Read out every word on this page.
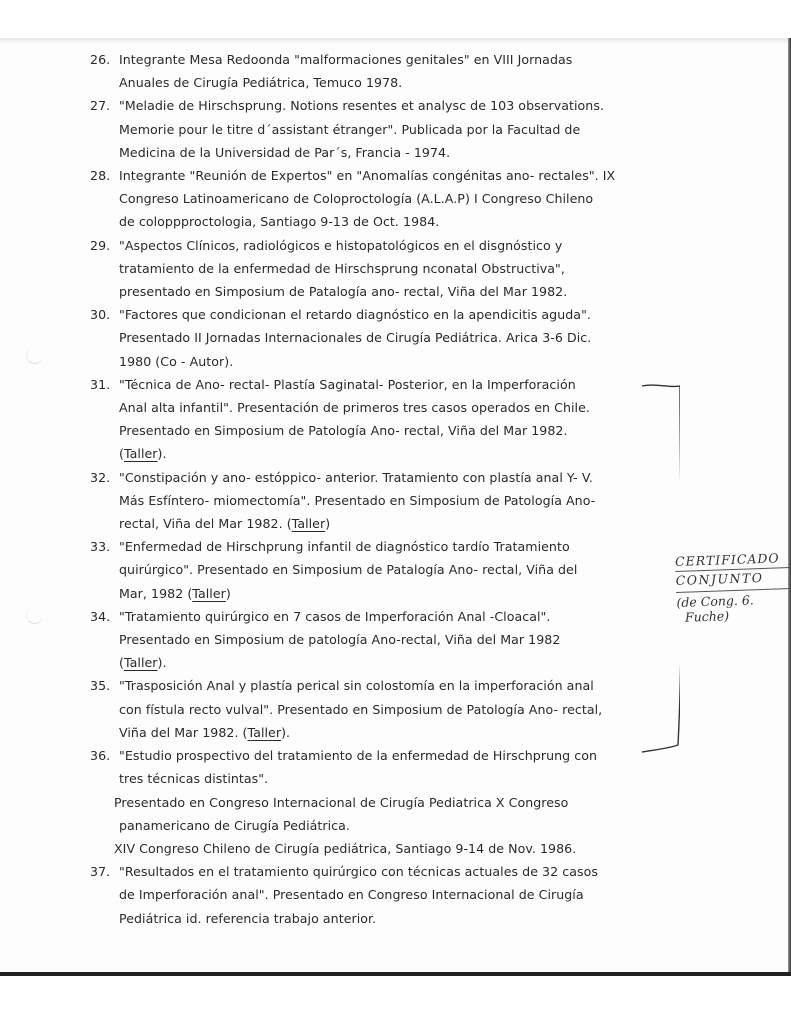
26. Integrante Mesa Redoonda "malformaciones genitales" en VIII Jornadas
Anuales de Cirugía Pediátrica, Temuco 1978.
27. "Meladie de Hirschsprung. Notions resentes et analysc de 103 observations.
Memorie pour le titre d´assistant étranger". Publicada por la Facultad de
Medicina de la Universidad de Par´s, Francia - 1974.
28. Integrante "Reunión de Expertos" en "Anomalías congénitas ano- rectales". IX
Congreso Latinoamericano de Coloproctología (A.L.A.P) I Congreso Chileno
de coloppproctologia, Santiago 9-13 de Oct. 1984.
29. "Aspectos Clínicos, radiológicos e histopatológicos en el disgnóstico y
tratamiento de la enfermedad de Hirschsprung nconatal Obstructiva",
presentado en Simposium de Patalogía ano- rectal, Viña del Mar 1982.
30. "Factores que condicionan el retardo diagnóstico en la apendicitis aguda".
Presentado II Jornadas Internacionales de Cirugía Pediátrica. Arica 3-6 Dic.
1980 (Co - Autor).
31. "Técnica de Ano- rectal- Plastía Saginatal- Posterior, en la Imperforación
Anal alta infantil". Presentación de primeros tres casos operados en Chile.
Presentado en Simposium de Patología Ano- rectal, Viña del Mar 1982.
(Taller).
32. "Constipación y ano- estóppico- anterior. Tratamiento con plastía anal Y- V.
Más Esfíntero- miomectomía". Presentado en Simposium de Patología Ano-
rectal, Viña del Mar 1982. (Taller)
33. "Enfermedad de Hirschprung infantil de diagnóstico tardío Tratamiento
quirúrgico". Presentado en Simposium de Patalogía Ano- rectal, Viña del
Mar, 1982 (Taller)
34. "Tratamiento quirúrgico en 7 casos de Imperforación Anal -Cloacal".
Presentado en Simposium de patología Ano-rectal, Viña del Mar 1982
(Taller).
35. "Trasposición Anal y plastía perical sin colostomía en la imperforación anal
con fístula recto vulval". Presentado en Simposium de Patología Ano- rectal,
Viña del Mar 1982. (Taller).
36. "Estudio prospectivo del tratamiento de la enfermedad de Hirschprung con
tres técnicas distintas".
Presentado en Congreso Internacional de Cirugía Pediatrica X Congreso
panamericano de Cirugía Pediátrica.
XIV Congreso Chileno de Cirugía pediátrica, Santiago 9-14 de Nov. 1986.
37. "Resultados en el tratamiento quirúrgico con técnicas actuales de 32 casos
de Imperforación anal". Presentado en Congreso Internacional de Cirugía
Pediátrica id. referencia trabajo anterior.
CERTIFICADO
CONJUNTO
(de Cong. 6.
Fuche)
